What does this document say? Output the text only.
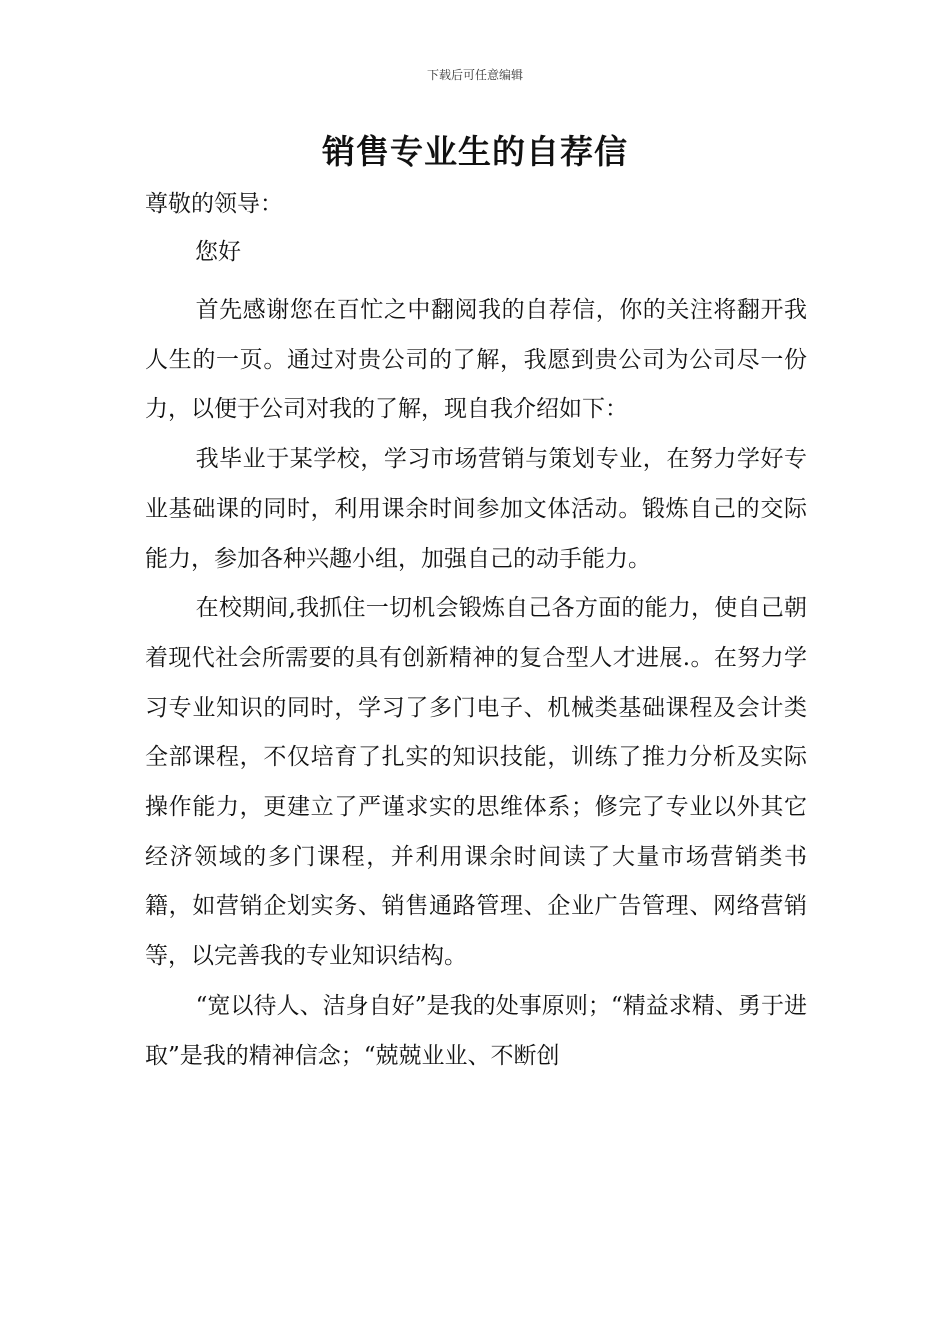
下载后可任意编辑
销售专业生的自荐信

尊敬的领导：

您好

首先感谢您在百忙之中翻阅我的自荐信，你的关注将翻开我人生的一页。通过对贵公司的了解，我愿到贵公司为公司尽一份力，以便于公司对我的了解，现自我介绍如下：

我毕业于某学校，学习市场营销与策划专业，在努力学好专业基础课的同时，利用课余时间参加文体活动。锻炼自己的交际能力，参加各种兴趣小组，加强自己的动手能力。

在校期间,我抓住一切机会锻炼自己各方面的能力，使自己朝着现代社会所需要的具有创新精神的复合型人才进展.。在努力学习专业知识的同时，学习了多门电子、机械类基础课程及会计类全部课程，不仅培育了扎实的知识技能，训练了推力分析及实际操作能力，更建立了严谨求实的思维体系；修完了专业以外其它经济领域的多门课程，并利用课余时间读了大量市场营销类书籍，如营销企划实务、销售通路管理、企业广告管理、网络营销等，以完善我的专业知识结构。

“宽以待人、洁身自好”是我的处事原则；“精益求精、勇于进取”是我的精神信念；“兢兢业业、不断创
